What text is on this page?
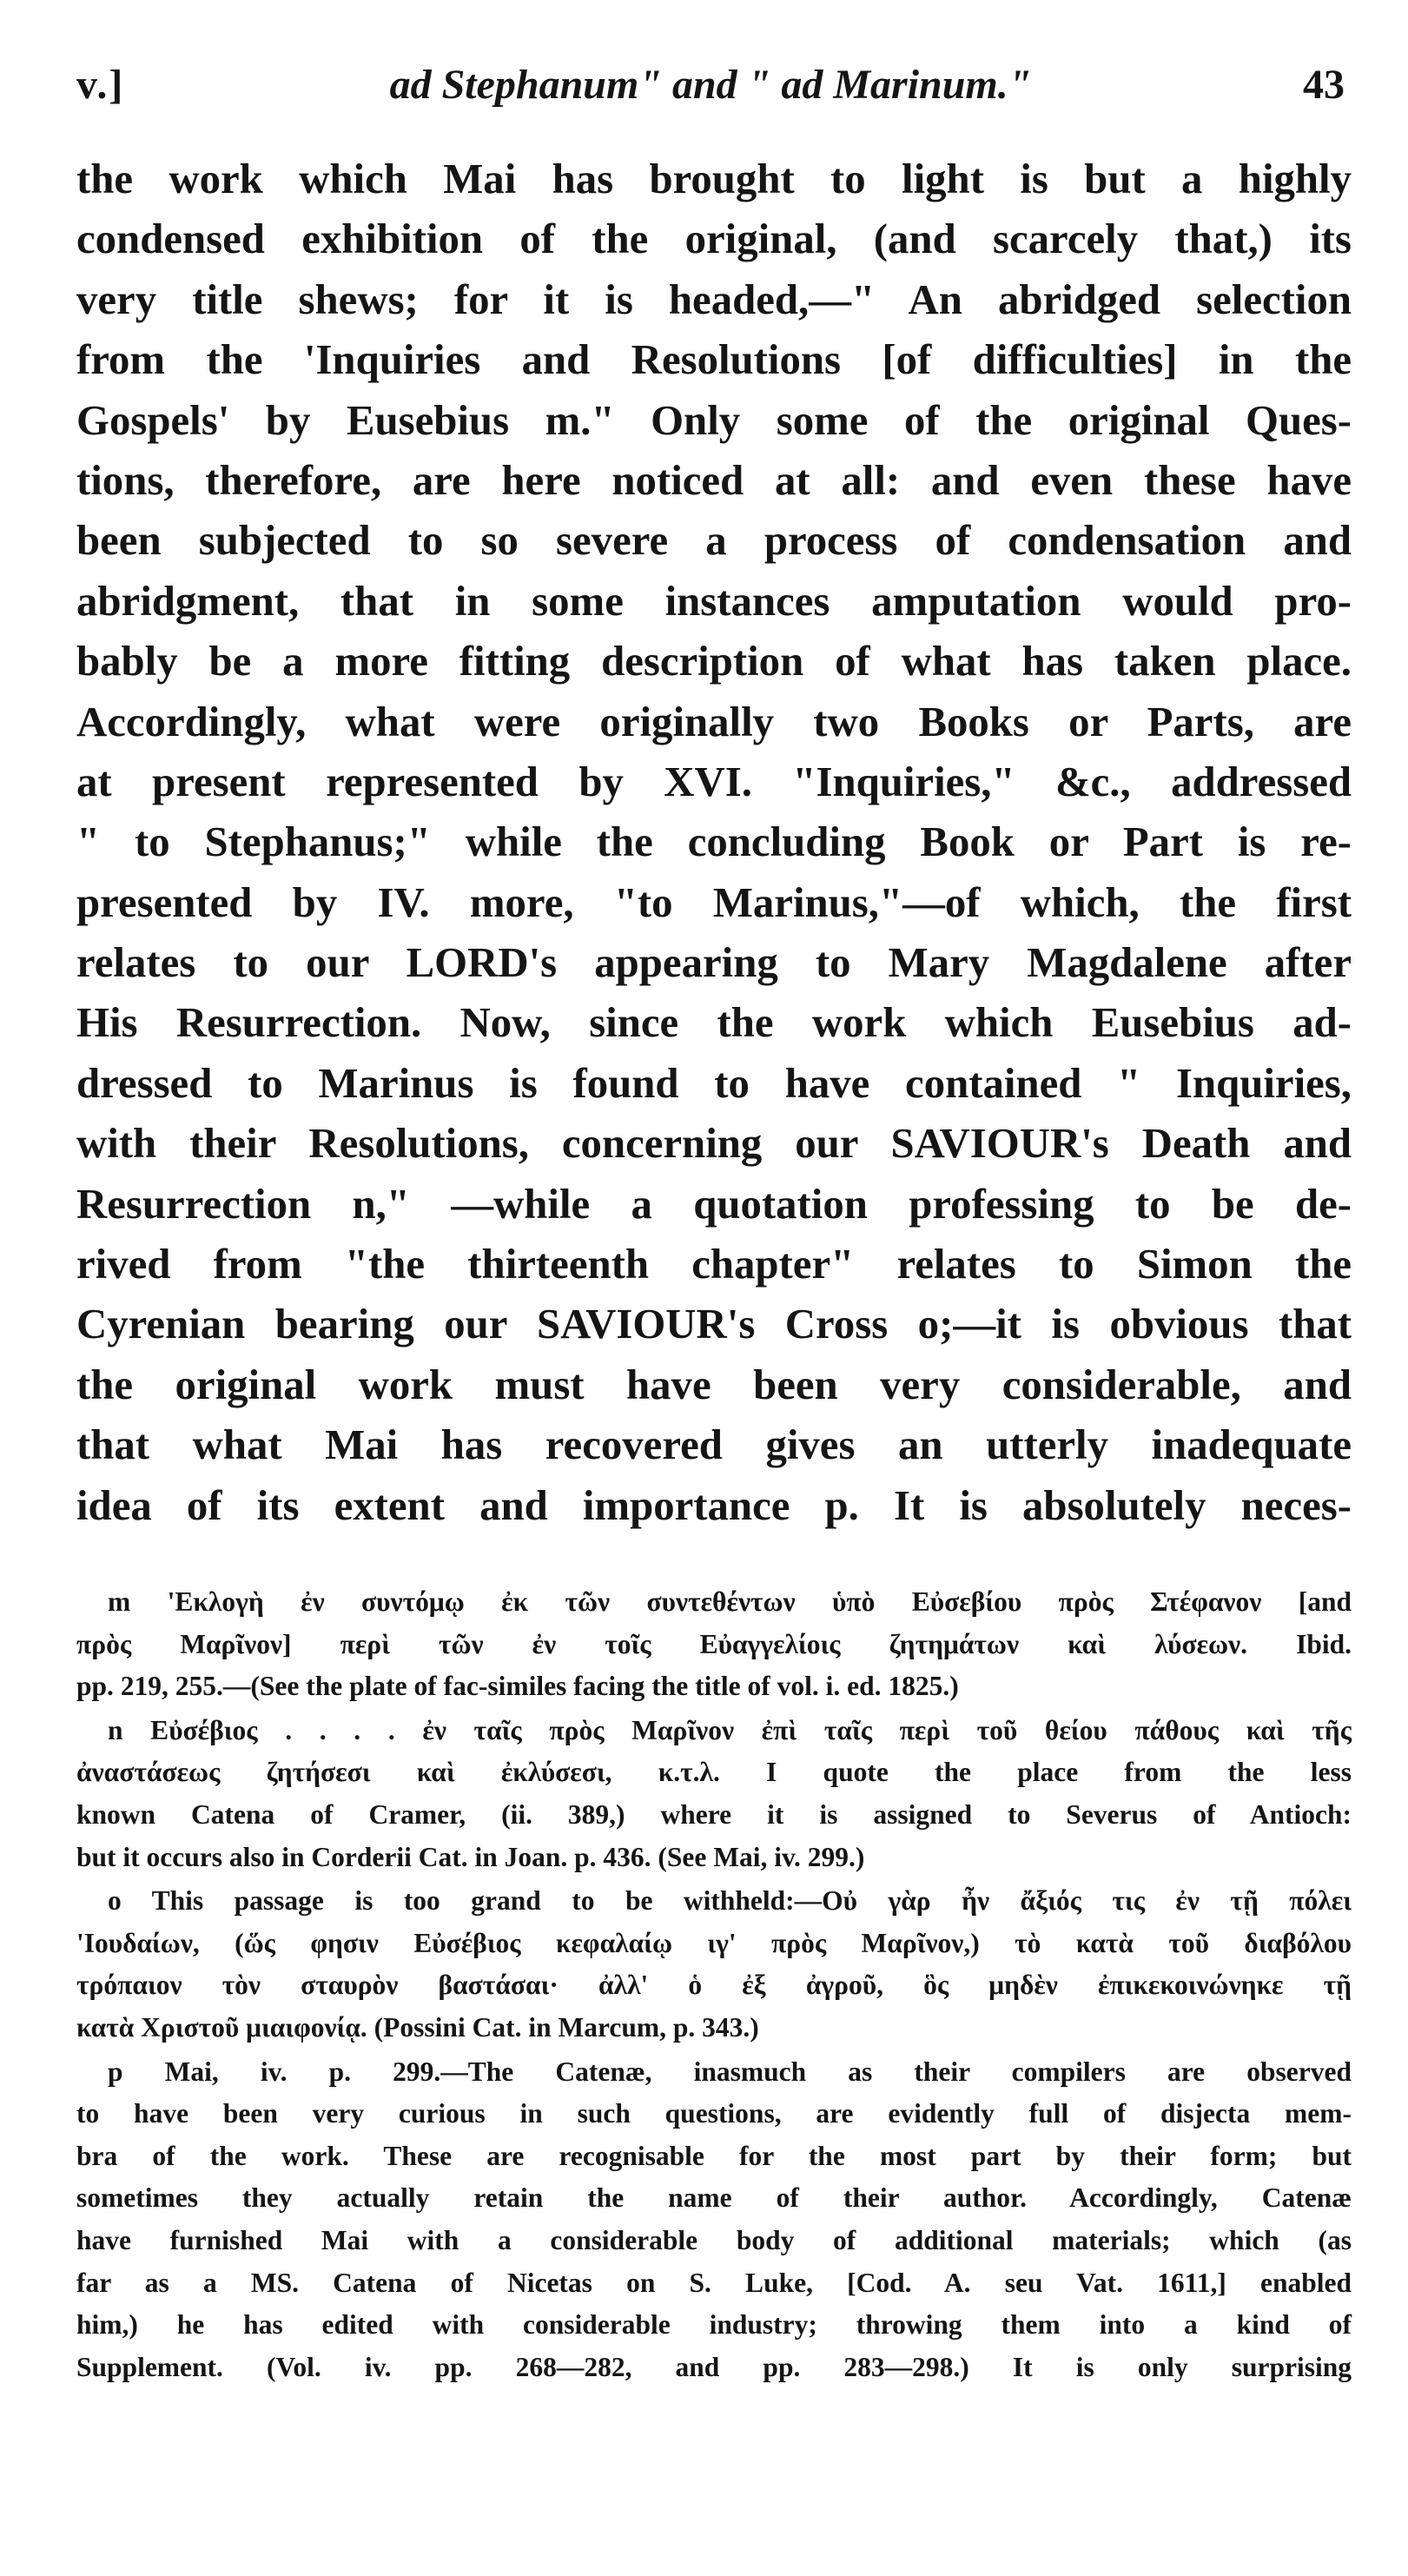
v.]	ad Stephanum" and " ad Marinum."	43
the work which Mai has brought to light is but a highly
condensed exhibition of the original, (and scarcely that,) its
very title shews; for it is headed,—" An abridged selection
from the 'Inquiries and Resolutions [of difficulties] in the
Gospels' by Eusebius m." Only some of the original Ques-
tions, therefore, are here noticed at all: and even these have
been subjected to so severe a process of condensation and
abridgment, that in some instances amputation would pro-
bably be a more fitting description of what has taken place.
Accordingly, what were originally two Books or Parts, are
at present represented by XVI. "Inquiries," &c., addressed
" to Stephanus;" while the concluding Book or Part is re-
presented by IV. more, "to Marinus,"—of which, the first
relates to our LORD's appearing to Mary Magdalene after
His Resurrection. Now, since the work which Eusebius ad-
dressed to Marinus is found to have contained " Inquiries,
with their Resolutions, concerning our SAVIOUR's Death and
Resurrection n," —while a quotation professing to be de-
rived from "the thirteenth chapter" relates to Simon the
Cyrenian bearing our SAVIOUR's Cross o;—it is obvious that
the original work must have been very considerable, and
that what Mai has recovered gives an utterly inadequate
idea of its extent and importance p. It is absolutely neces-
m 'Εκλογὴ ἐν συντόμῳ ἐκ τῶν συντεθέντων ὑπὸ Εὐσεβίου πρὸς Στέφανον [and
πρὸς Μαρῖνον] περὶ τῶν ἐν τοῖς Εὐαγγελίοις ζητημάτων καὶ λύσεων. Ibid.
pp. 219, 255.—(See the plate of fac-similes facing the title of vol. i. ed. 1825.)
n Εὐσέβιος . . . . ἐν ταῖς πρὸς Μαρῖνον ἐπὶ ταῖς περὶ τοῦ θείου πάθους καὶ τῆς
ἀναστάσεως ζητήσεσι καὶ ἐκλύσεσι, κ.τ.λ. I quote the place from the less
known Catena of Cramer, (ii. 389,) where it is assigned to Severus of Antioch:
but it occurs also in Corderii Cat. in Joan. p. 436. (See Mai, iv. 299.)
o This passage is too grand to be withheld:—Οὐ γὰρ ἦν ἄξιός τις ἐν τῇ πόλει
'Ιουδαίων, (ὥς φησιν Εὐσέβιος κεφαλαίῳ ιγ' πρὸς Μαρῖνον,) τὸ κατὰ τοῦ διαβόλου
τρόπαιον τὸν σταυρὸν βαστάσαι· ἀλλ' ὁ ἐξ ἀγροῦ, ὃς μηδὲν ἐπικεκοινώνηκε τῇ
κατὰ Χριστοῦ μιαιφονίᾳ. (Possini Cat. in Marcum, p. 343.)
p Mai, iv. p. 299.—The Catenæ, inasmuch as their compilers are observed
to have been very curious in such questions, are evidently full of disjecta mem-
bra of the work. These are recognisable for the most part by their form; but
sometimes they actually retain the name of their author. Accordingly, Catenæ
have furnished Mai with a considerable body of additional materials; which (as
far as a MS. Catena of Nicetas on S. Luke, [Cod. A. seu Vat. 1611,] enabled
him,) he has edited with considerable industry; throwing them into a kind of
Supplement. (Vol. iv. pp. 268—282, and pp. 283—298.) It is only surprising
